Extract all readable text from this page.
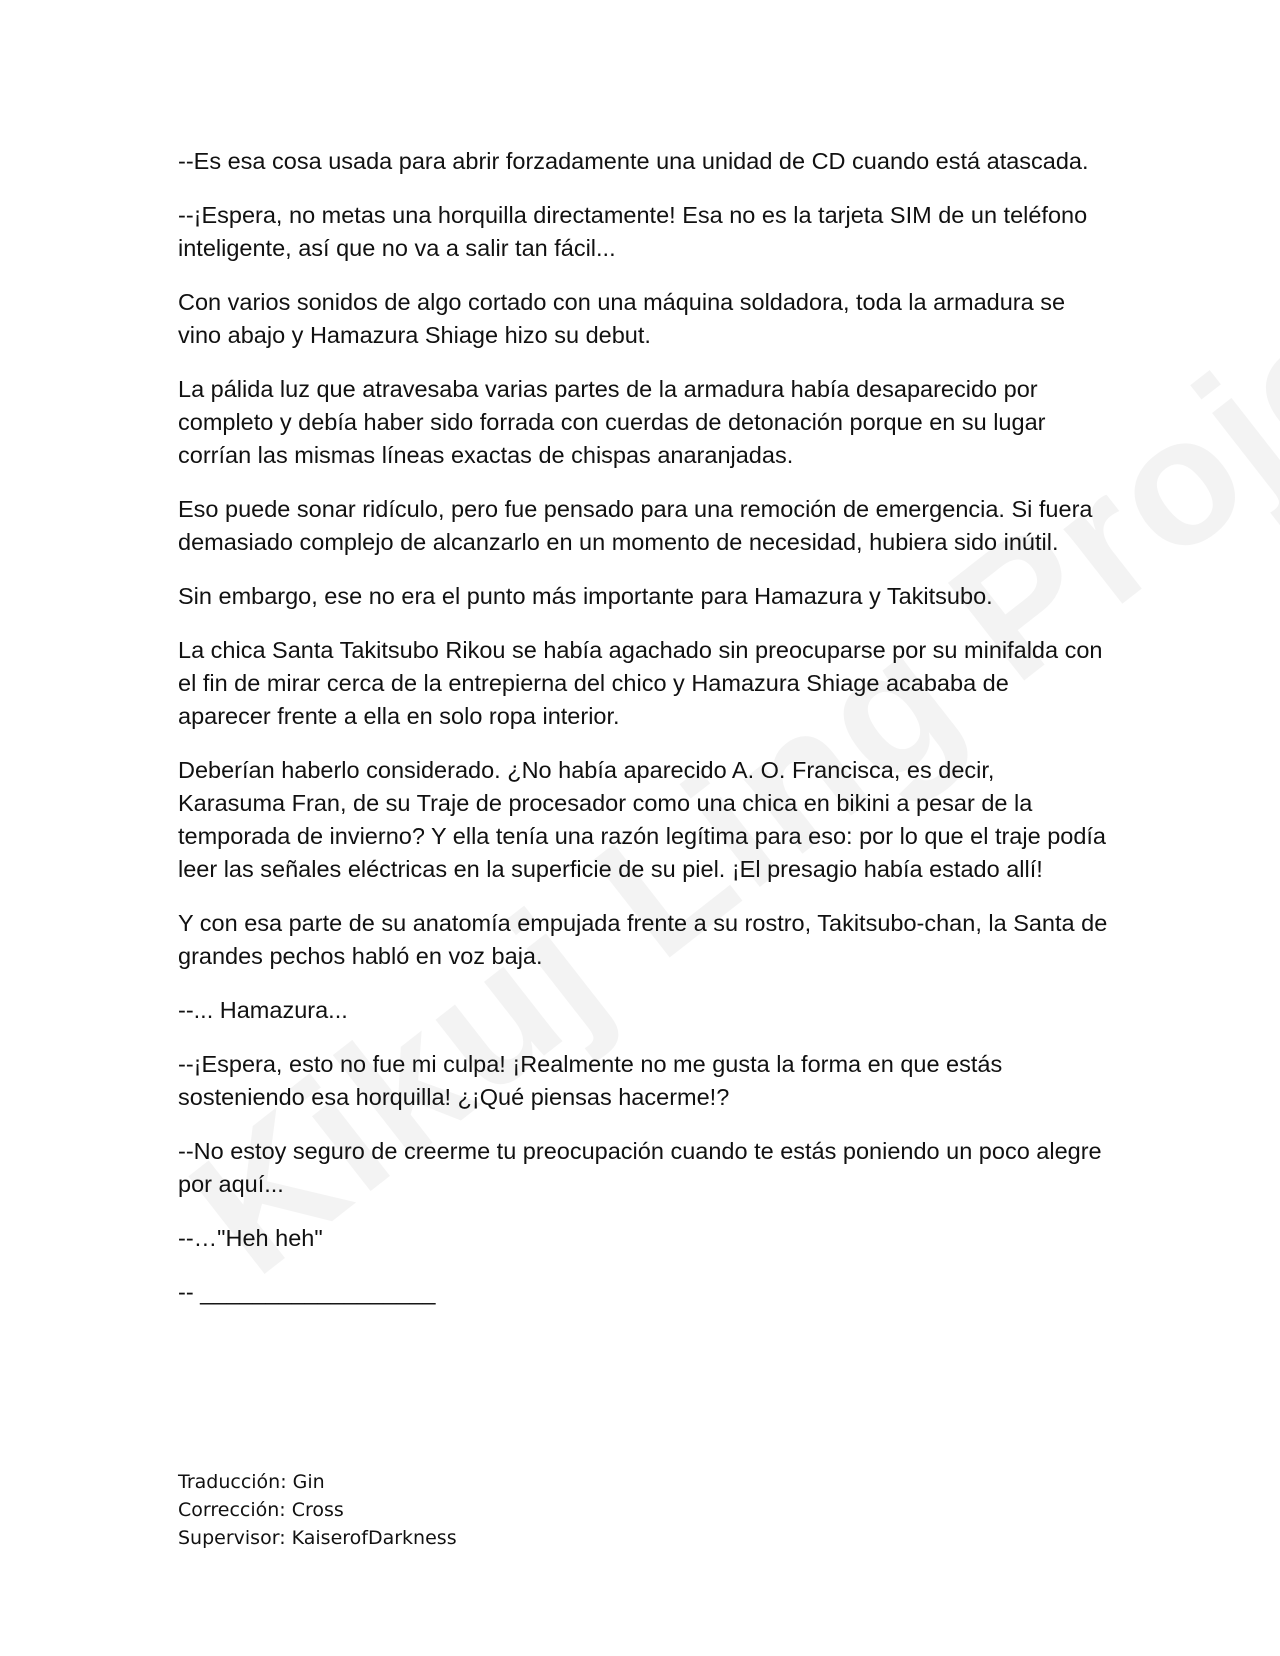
--Es esa cosa usada para abrir forzadamente una unidad de CD cuando está atascada.

--¡Espera, no metas una horquilla directamente! Esa no es la tarjeta SIM de un teléfono inteligente, así que no va a salir tan fácil...

Con varios sonidos de algo cortado con una máquina soldadora, toda la armadura se vino abajo y Hamazura Shiage hizo su debut.

La pálida luz que atravesaba varias partes de la armadura había desaparecido por completo y debía haber sido forrada con cuerdas de detonación porque en su lugar corrían las mismas líneas exactas de chispas anaranjadas.

Eso puede sonar ridículo, pero fue pensado para una remoción de emergencia. Si fuera demasiado complejo de alcanzarlo en un momento de necesidad, hubiera sido inútil.

Sin embargo, ese no era el punto más importante para Hamazura y Takitsubo.

La chica Santa Takitsubo Rikou se había agachado sin preocuparse por su minifalda con el fin de mirar cerca de la entrepierna del chico y Hamazura Shiage acababa de aparecer frente a ella en solo ropa interior.

Deberían haberlo considerado. ¿No había aparecido A. O. Francisca, es decir, Karasuma Fran, de su Traje de procesador como una chica en bikini a pesar de la temporada de invierno? Y ella tenía una razón legítima para eso: por lo que el traje podía leer las señales eléctricas en la superficie de su piel. ¡El presagio había estado allí!

Y con esa parte de su anatomía empujada frente a su rostro, Takitsubo-chan, la Santa de grandes pechos habló en voz baja.

--... Hamazura...

--¡Espera, esto no fue mi culpa! ¡Realmente no me gusta la forma en que estás sosteniendo esa horquilla! ¿¡Qué piensas hacerme!?

--No estoy seguro de creerme tu preocupación cuando te estás poniendo un poco alegre por aquí...

--…"Heh heh"

-- __________________

Traducción: Gin
Corrección: Cross
Supervisor: KaiserofDarkness
